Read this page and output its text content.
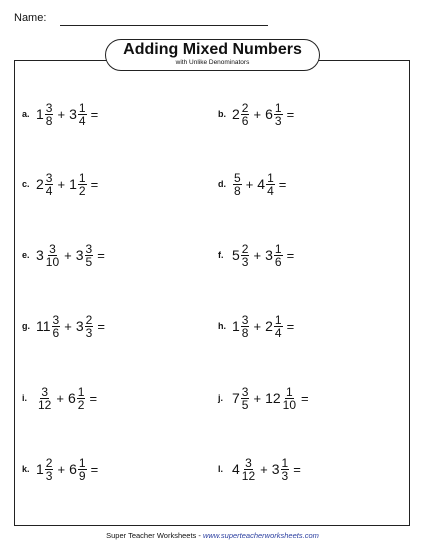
Name:
Adding Mixed Numbers
with Unlike Denominators
a. $1 \frac{3}{8} + 3 \frac{1}{4}$ =	b. $2 \frac{2}{6} + 6 \frac{1}{3}$ =
c. $2 \frac{3}{4} + 1 \frac{1}{2}$ =	d. $\frac{5}{8} + 4 \frac{1}{4}$ =
e. $3 \frac{3}{10} + 3 \frac{3}{5}$ =	f. $5 \frac{2}{3} + 3 \frac{1}{6}$ =
g. $11 \frac{3}{6} + 3 \frac{2}{3}$ =	h. $1 \frac{3}{8} + 2 \frac{1}{4}$ =
i. $\frac{3}{12} + 6 \frac{1}{2}$ =	j. $7 \frac{3}{5} + 12 \frac{1}{10}$ =
k. $1 \frac{2}{3} + 6 \frac{1}{9}$ =	l. $4 \frac{3}{12} + 3 \frac{1}{3}$ =
Super Teacher Worksheets - www.superteacherworksheets.com
